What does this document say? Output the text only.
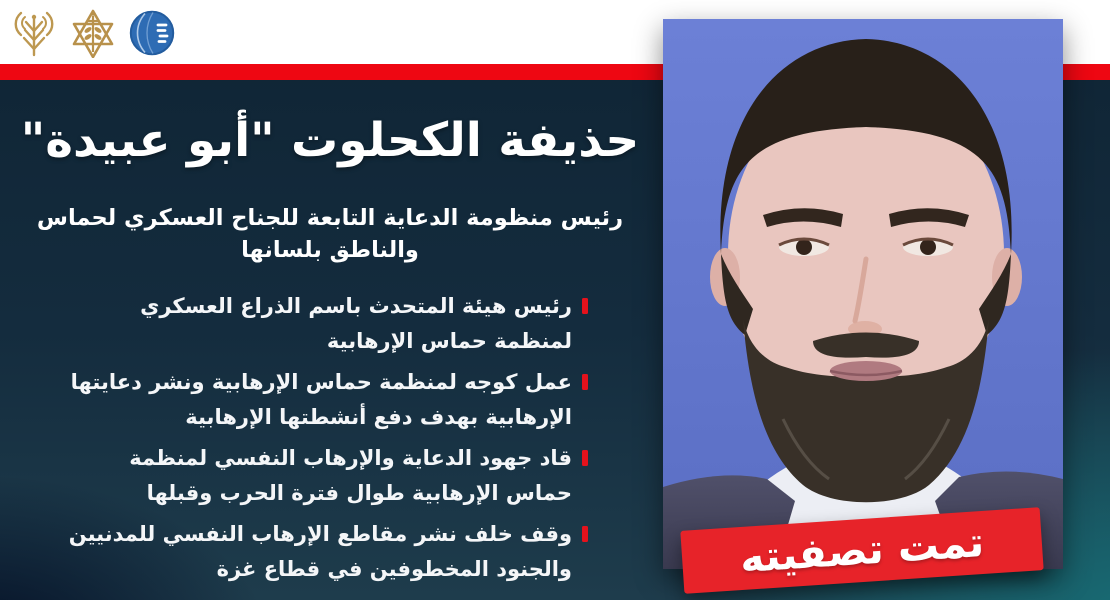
حذيفة الكحلوت "أبو عبيدة"
رئيس منظومة الدعاية التابعة للجناح العسكري لحماس
والناطق بلسانها
رئيس هيئة المتحدث باسم الذراع العسكري لمنظمة حماس الإرهابية
عمل كوجه لمنظمة حماس الإرهابية ونشر دعايتها الإرهابية بهدف دفع أنشطتها الإرهابية
قاد جهود الدعاية والإرهاب النفسي لمنظمة حماس الإرهابية طوال فترة الحرب وقبلها
وقف خلف نشر مقاطع الإرهاب النفسي للمدنيين والجنود المخطوفين في قطاع غزة	تمت تصفيته
